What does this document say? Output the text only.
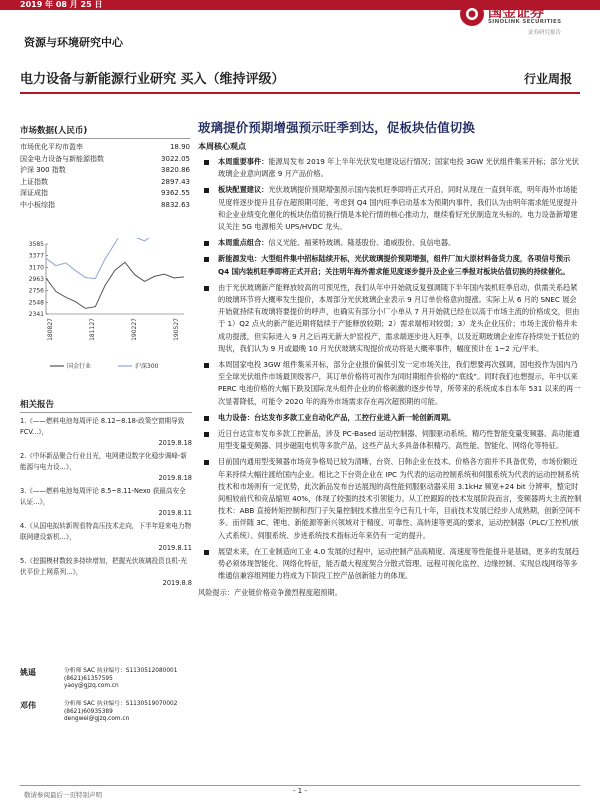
2019 年 08 月 25 日
国金证券
SINOLINK SECURITIES
证券研究报告
资源与环境研究中心
电力设备与新能源行业研究 买入（维持评级）	行业周报
市场数据(人民币)
市场优化平均市盈率	18.90
国金电力设备与新能源指数	3022.05
沪深 300 指数	3820.86
上证指数	2897.43
深证成指	9362.55
中小板综指	8832.63
3585
3377
3170
2963
2756
2548
2341
180827	181127	190227	190527
国金行业	沪深300
相关报告
1.《——燃料电池每周评论 8.12~8.18-政策空窗期导致 FCV...》，
2019.8.18
2.《中环新品聚合行业目光，电网建设数字化稳步调峰-新能源与电力设...》，
2019.8.18
3.《——燃料电池每周评论 8.5~8.11-Nexo 获最高安全认证...》，
2019.8.11
4.《从国电拟转新规看特高压技术走向，下半年迎来电力物联网建设新机...》，
2019.8.11
5.《挖掘模材数较多持续增加，把握光伏玻璃投资良机-光伏平价上网系列...》，
2019.8.8
姚遥	分析师 SAC 执业编号：S1130512080001
(8621)61357595
yaoy@gjzq.com.cn
邓伟	分析师 SAC 执业编号：S1130519070002
(8621)60935389
dengwei@gjzq.com.cn
玻璃提价预期增强预示旺季到达，促板块估值切换
本周核心观点
本周重要事件：能源局发布 2019 年上半年光伏发电建设运行情况；国家电投 3GW 光伏组件集采开标；部分光伏玻璃企业意向调涨 9 月产品价格。
板块配置建议：光伏玻璃提价预期增强预示国内装机旺季即将正式开启，同时从现在一直到年底，明年海外市场能见度将逐步提升且存在超预期可能，考虑到 Q4 国内旺季启动基本为预期内事件，我们认为由明年需求能见度提升和企业业绩变化催化的板块估值切换行情是本轮行情的核心推动力，继续看好光伏制造龙头标的。电力设备新增建议关注 5G 电源相关 UPS/HVDC 龙头。
本周重点组合：信义光能、福莱特玻璃、隆基股份、通威股份、良信电器。
新能源发电：大型组件集中招标陆续开标，光伏玻璃提价预期增强，组件厂加大原材料备货力度，各项信号预示 Q4 国内装机旺季即将正式开启；关注明年海外需求能见度逐步提升及企业三季报对板块估值切换的持续催化。
由于光伏玻璃新产能释放较高的可预见性，我们从年中开始就反复强调随下半年国内装机旺季启动，供需关系趋紧的玻璃环节将大概率发生提价，本周部分光伏玻璃企业表示 9 月订单价格意向提涨。实际上从 6 月的 SNEC 展会开始就持续有玻璃将要提价的呼声，也确实有部分小厂小单从 7 月开始就已经在以高于市场主流的价格成交，但由于 1）Q2 点火的新产能近期将陆续于产能释放较期；2）需求端相对较弱；3）龙头企业压价；市场主流价格并未成功提涨，但实际进入 9 月之后再无新大炉窑投产，需求端逐步进入旺季，以及近期玻璃企业库存持续处于低位的现状，我们认为 9 月或最晚 10 月光伏玻璃实现提价成功将是大概率事件，幅度预计在 1~2 元/平米。
本周国家电投 3GW 组件集采开标，部分企业报价偏低引发一定市场关注，我们想要再次强调，国电投作为国内乃至全球光伏组件市场最顶级客户，其订单价格将可视作为同时期组件价格的“底线”。同时我们也想提示，年中以来 PERC 电池价格的大幅下跌及国际龙头组件企业的价格刺激的逐步传导，所带来的系统成本自本年 531 以来的再一次显著降低，可能令 2020 年的海外市场需求存在再次超预期的可能。
电力设备：台达发布多款工业自动化产品，工控行业进入新一轮创新周期。
近日台达宣布发布多款工控新品，涉及 PC-Based 运动控制器、伺服驱动系统、精巧性智能变量变频器、高功能通用型变量变频器、同步磁阻电机等多款产品，这些产品大多具备体积精巧、高性能、智能化、网络化等特征。
目前国内通用型变频器市场竞争格局已较为清晰，台资、日韩企业在技术、价格各方面并不具备优势，市场份额近年来持续大幅往渡给国内企业。相比之下台资企业在 IPC 为代表的运动控制系统和伺服系统为代表的运动控制系统技术和市场则有一定优势，此次新品发布台达展现的高性能伺服驱动器采用 3.1kHz 频宽+24 bit 分辨率，整定时间相较前代和竞品缩短 40%，体现了较强的技术引领能力。从工控跟踪的技术发展阶段而言，变频器两大主流控制技术：ABB 直接转矩控制和西门子矢量控制技术推出至今已有几十年，目前技术发展已经步入成熟期，创新空间不多。而伴随 3C、锂电、新能源等新兴领域对于精度、可靠性、高转速等更高的要求，运动控制器（PLC/工控机/嵌入式系统）、伺服系统、步进系统技术指标近年来仍有一定的提升。
展望未来，在工业制造向工业 4.0 发展的过程中，运动控制产品高精度、高速度等性能提升是基础，更多的发展趋势必须体现智能化、网络化特征，能否最大程度契合分散式管理、远程可视化监控、边缘控制、实现总线网络等多维通信兼容组网能力将成为下阶段工控产品创新能力的体现。
风险提示：产业链价格竞争激烈程度超预期。
- 1 -
敬请参阅最后一页特别声明
